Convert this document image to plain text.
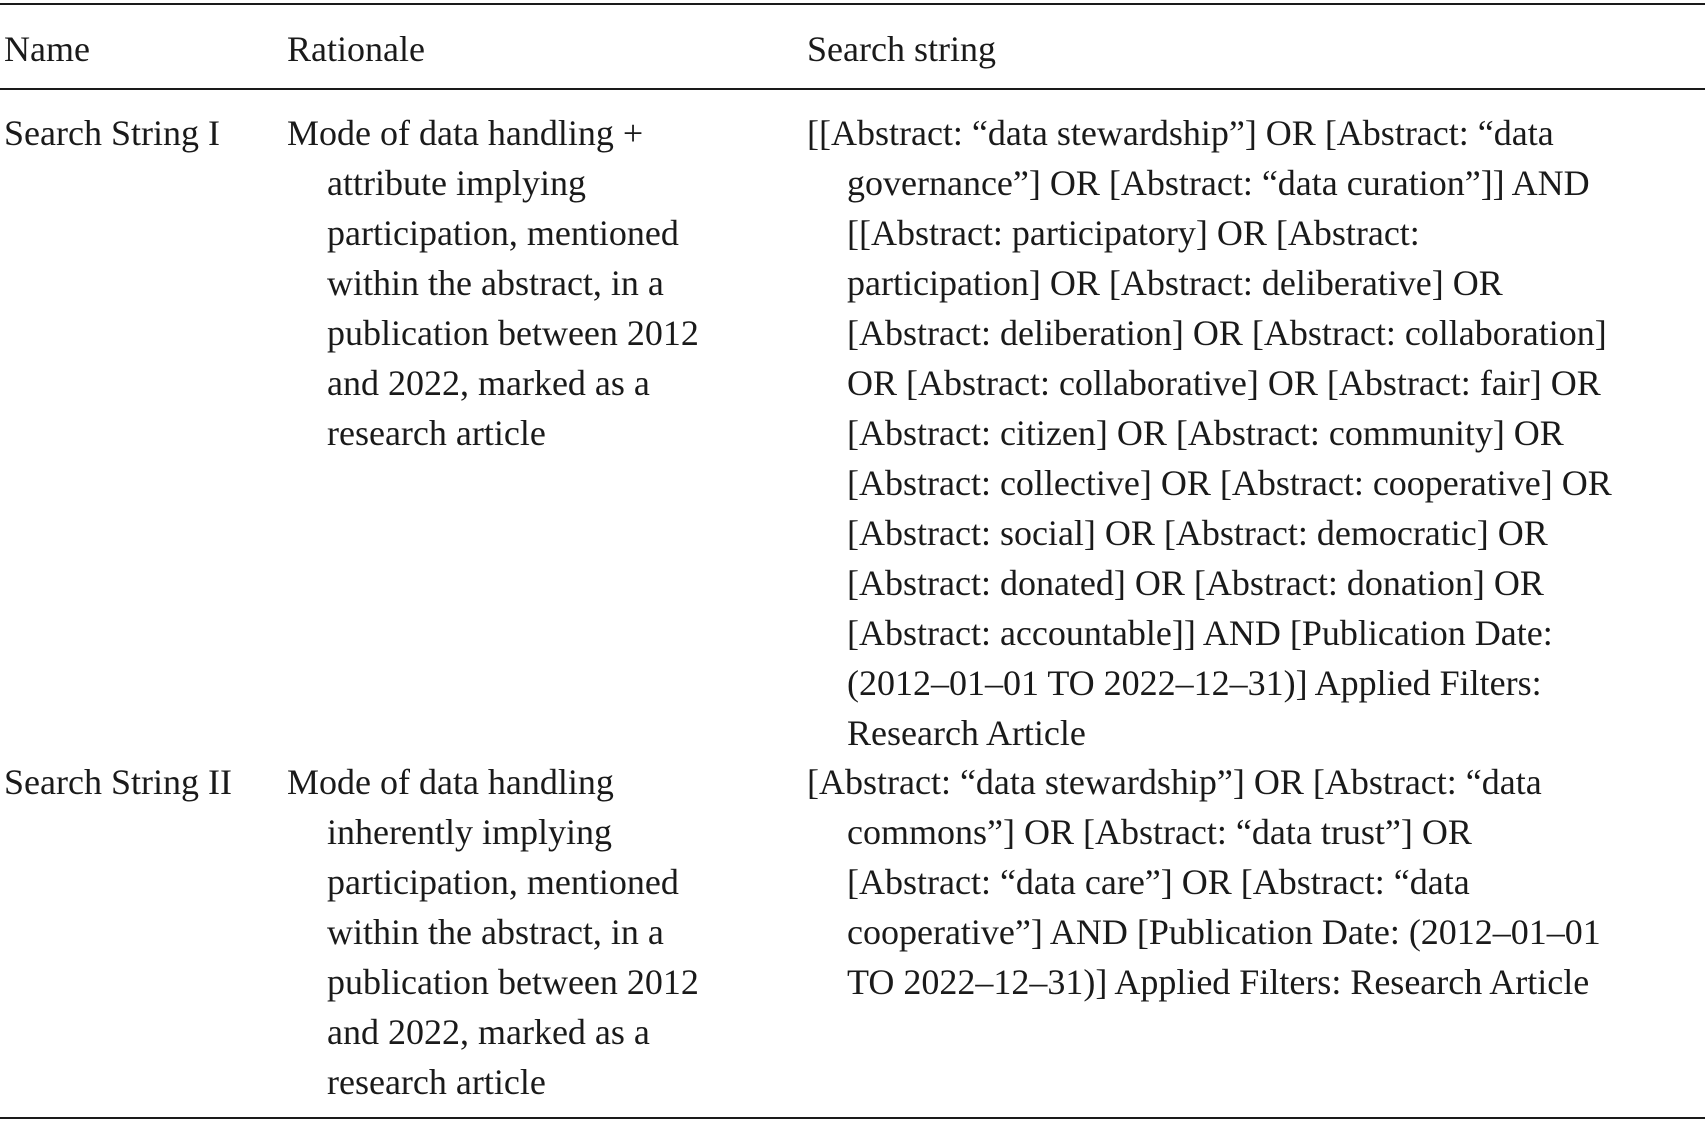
Name	Rationale	Search string
Search String I Mode of data handling +
attribute implying
participation, mentioned
within the abstract, in a
publication between 2012
and 2022, marked as a
research article
[[Abstract: “data stewardship”] OR [Abstract: “data
governance”] OR [Abstract: “data curation”]] AND
[[Abstract: participatory] OR [Abstract:
participation] OR [Abstract: deliberative] OR
[Abstract: deliberation] OR [Abstract: collaboration]
OR [Abstract: collaborative] OR [Abstract: fair] OR
[Abstract: citizen] OR [Abstract: community] OR
[Abstract: collective] OR [Abstract: cooperative] OR
[Abstract: social] OR [Abstract: democratic] OR
[Abstract: donated] OR [Abstract: donation] OR
[Abstract: accountable]] AND [Publication Date:
(2012–01–01 TO 2022–12–31)] Applied Filters:
Research Article
Search String II Mode of data handling
inherently implying
participation, mentioned
within the abstract, in a
publication between 2012
and 2022, marked as a
research article
[Abstract: “data stewardship”] OR [Abstract: “data
commons”] OR [Abstract: “data trust”] OR
[Abstract: “data care”] OR [Abstract: “data
cooperative”] AND [Publication Date: (2012–01–01
TO 2022–12–31)] Applied Filters: Research Article
